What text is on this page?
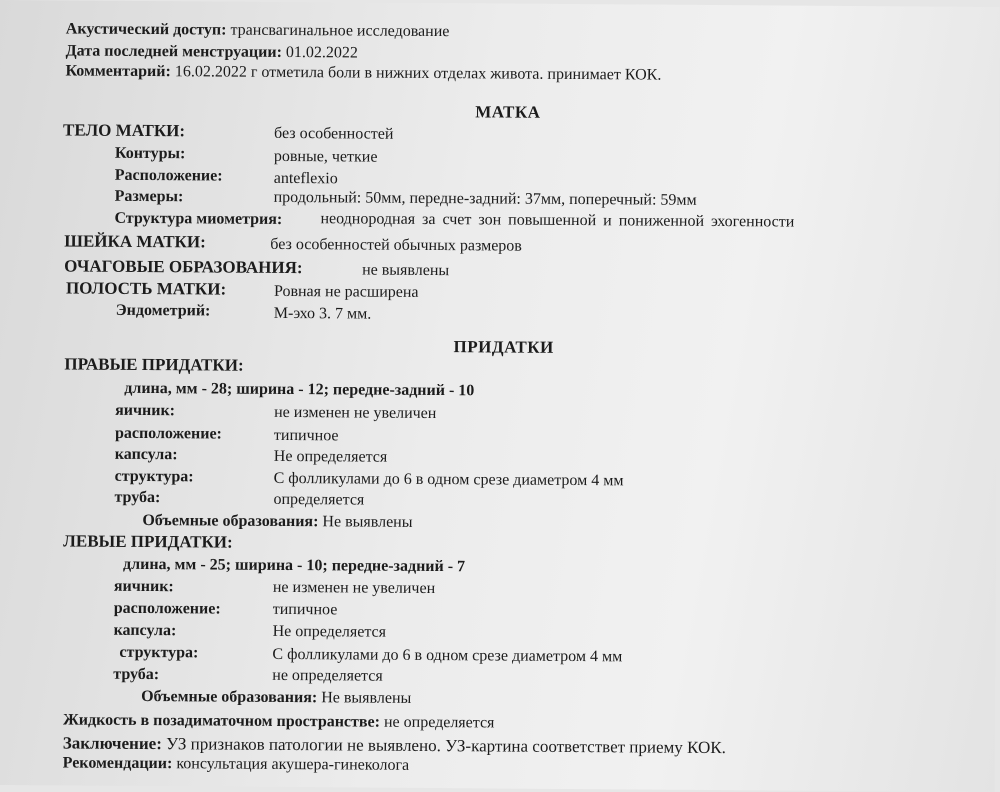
Акустический доступ: трансвагинальное исследование
Дата последней менструации: 01.02.2022
Комментарий: 16.02.2022 г отметила боли в нижних отделах живота. принимает КОК.
МАТКА
ТЕЛО МАТКИ:	без особенностей
Контуры:	ровные, четкие
Расположение:	anteflexio
Размеры:	продольный: 50мм, передне-задний: 37мм, поперечный: 59мм
Структура миометрия: неоднородная за счет зон повышенной и пониженной эхогенности
ШЕЙКА МАТКИ:	без особенностей обычных размеров
ОЧАГОВЫЕ ОБРАЗОВАНИЯ:	не выявлены
ПОЛОСТЬ МАТКИ:	Ровная не расширена
Эндометрий:	М-эхо 3. 7 мм.
ПРИДАТКИ
ПРАВЫЕ ПРИДАТКИ:
длина, мм - 28; ширина - 12; передне-задний - 10
яичник:	не изменен не увеличен
расположение:	типичное
капсула:	Не определяется
структура:	С фолликулами до 6 в одном срезе диаметром 4 мм
труба:	определяется
Объемные образования: Не выявлены
ЛЕВЫЕ ПРИДАТКИ:
длина, мм - 25; ширина - 10; передне-задний - 7
яичник:	не изменен не увеличен
расположение:	типичное
капсула:	Не определяется
структура:	С фолликулами до 6 в одном срезе диаметром 4 мм
труба:	не определяется
Объемные образования: Не выявлены
Жидкость в позадиматочном пространстве: не определяется
Заключение: УЗ признаков патологии не выявлено. УЗ-картина соответствет приему КОК.
Рекомендации: консультация акушера-гинеколога
